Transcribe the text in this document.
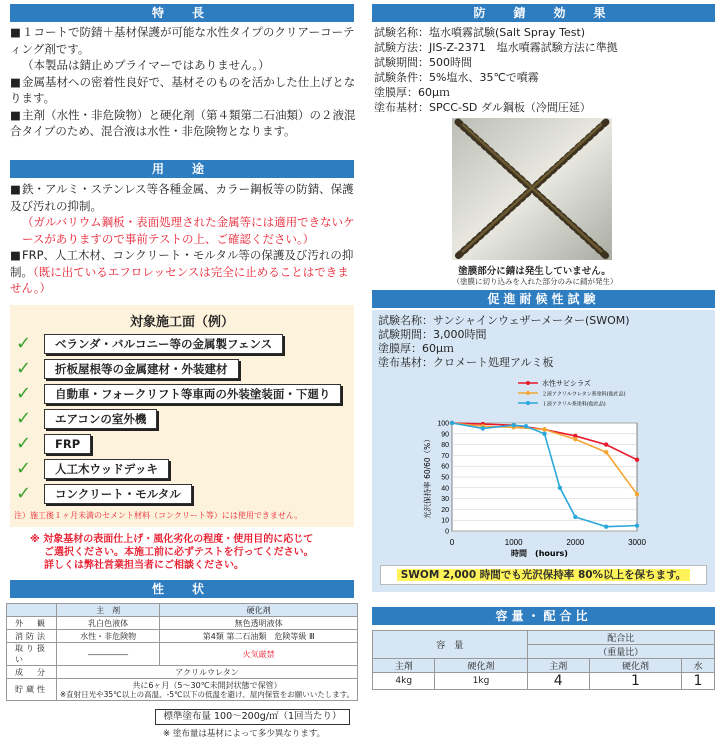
特　長
■１コートで防錆＋基材保護が可能な水性タイプのクリアーコーティング剤です。
（本製品は錆止めプライマーではありません。）
■金属基材への密着性良好で、基材そのものを活かした仕上げとなります。
■主剤（水性・非危険物）と硬化剤（第４類第二石油類）の２液混合タイプのため、混合液は水性・非危険物となります。
用　途
■鉄・アルミ・ステンレス等各種金属、カラー鋼板等の防錆、保護及び汚れの抑制。
（ガルバリウム鋼板・表面処理された金属等には適用できないケースがありますので事前テストの上、ご確認ください。）
■FRP、人工木材、コンクリート・モルタル等の保護及び汚れの抑制。（既に出ているエフロレッセンスは完全に止めることはできません。）
対象施工面（例）
✓	ベランダ・バルコニー等の金属製フェンス
✓	折板屋根等の金属建材・外装建材
✓	自動車・フォークリフト等車両の外装塗装面・下廻り
✓	エアコンの室外機
✓	FRP
✓	人工木ウッドデッキ
✓	コンクリート・モルタル
注）施工後１ヶ月未満のセメント材料（コンクリート等）には使用できません。
※ 対象基材の表面仕上げ・風化劣化の程度・使用目的に応じて
ご選択ください。本施工前に必ずテストを行ってください。
詳しくは弊社営業担当者にご相談ください。
性　状
	主　剤	硬化剤
外　観	乳白色液体	無色透明液体
消防法	水性・非危険物	第4類 第二石油類　危険等級 Ⅲ
取り扱い	―――――	火気厳禁
成　分	アクリルウレタン	
貯蔵性	共に6ヶ月（5〜30℃未開封状態で保管）
※直射日光や35℃以上の高温、-5℃以下の低温を避け、屋内保管をお願いいたします。	
標準塗布量 100〜200g/㎡（1回当たり）
※ 塗布量は基材によって多少異なります。
防　錆　効　果
試験名称：塩水噴霧試験(Salt Spray Test)
試験方法：JIS-Z-2371　塩水噴霧試験方法に準拠
試験期間：500時間
試験条件：5%塩水、35℃で噴霧
塗膜厚：60μｍ
塗布基材：SPCC-SD ダル鋼板（冷間圧延）
塗膜部分に錆は発生していません。
（塗膜に切り込みを入れた部分のみに錆が発生）
促進耐候性試験
試験名称：サンシャインウェザーメーター(SWOM)
試験期間：3,000時間
塗膜厚：60μｍ
塗布基材：クロメート処理アルミ板
0
10
20
30
40
50
60
70
80
90
100
0	1000	2000	3000
時間　(hours)
光沢保持率 60/60（%）
水性サビシラズ
２液アクリルウレタン系塗料(他社品)
１液アクリル系塗料(他社品)
SWOM 2,000 時間でも光沢保持率 80%以上を保ちます。
容量・配合比
容　量		配合比		
		（重量比）		
主剤	硬化剤	主剤	硬化剤	水
4kg	1kg	4	1	1
